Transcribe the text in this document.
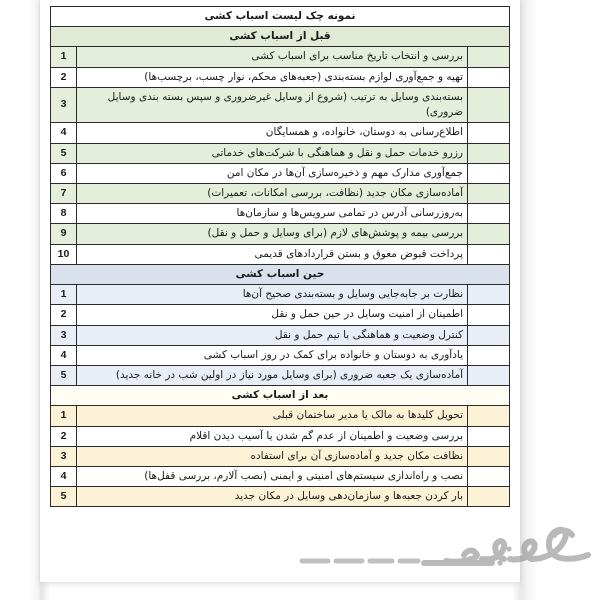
نمونه چک لیست اسباب کشی		
قبل از اسباب کشی		
	بررسی و انتخاب تاریخ مناسب برای اسباب کشی	1
	تهیه و جمع‌آوری لوازم بسته‌بندی (جعبه‌های محکم، نوار چسب، برچسب‌ها)	2
	بسته‌بندی وسایل به ترتیب (شروع از وسایل غیرضروری و سپس بسته بندی وسایل ضروری)	3
	اطلاع‌رسانی به دوستان، خانواده، و همسایگان	4
	رزرو خدمات حمل و نقل و هماهنگی با شرکت‌های خدماتی	5
	جمع‌آوری مدارک مهم و ذخیره‌سازی آن‌ها در مکان امن	6
	آماده‌سازی مکان جدید (نظافت، بررسی امکانات، تعمیرات)	7
	به‌روزرسانی آدرس در تمامی سرویس‌ها و سازمان‌ها	8
	بررسی بیمه و پوشش‌های لازم (برای وسایل و حمل و نقل)	9
	پرداخت قبوض معوق و بستن قراردادهای قدیمی	10
حین اسباب کشی		
	نظارت بر جابه‌جایی وسایل و بسته‌بندی صحیح آن‌ها	1
	اطمینان از امنیت وسایل در حین حمل و نقل	2
	کنترل وضعیت و هماهنگی با تیم حمل و نقل	3
	یادآوری به دوستان و خانواده برای کمک در روز اسباب کشی	4
	آماده‌سازی یک جعبه ضروری (برای وسایل مورد نیاز در اولین شب در خانه جدید)	5
بعد از اسباب کشی		
	تحویل کلیدها به مالک یا مدیر ساختمان قبلی	1
	بررسی وضعیت و اطمینان از عدم گم شدن یا آسیب دیدن اقلام	2
	نظافت مکان جدید و آماده‌سازی آن برای استفاده	3
	نصب و راه‌اندازی سیستم‌های امنیتی و ایمنی (نصب آلارم، بررسی قفل‌ها)	4
	بار کردن جعبه‌ها و سازمان‌دهی وسایل در مکان جدید	5
